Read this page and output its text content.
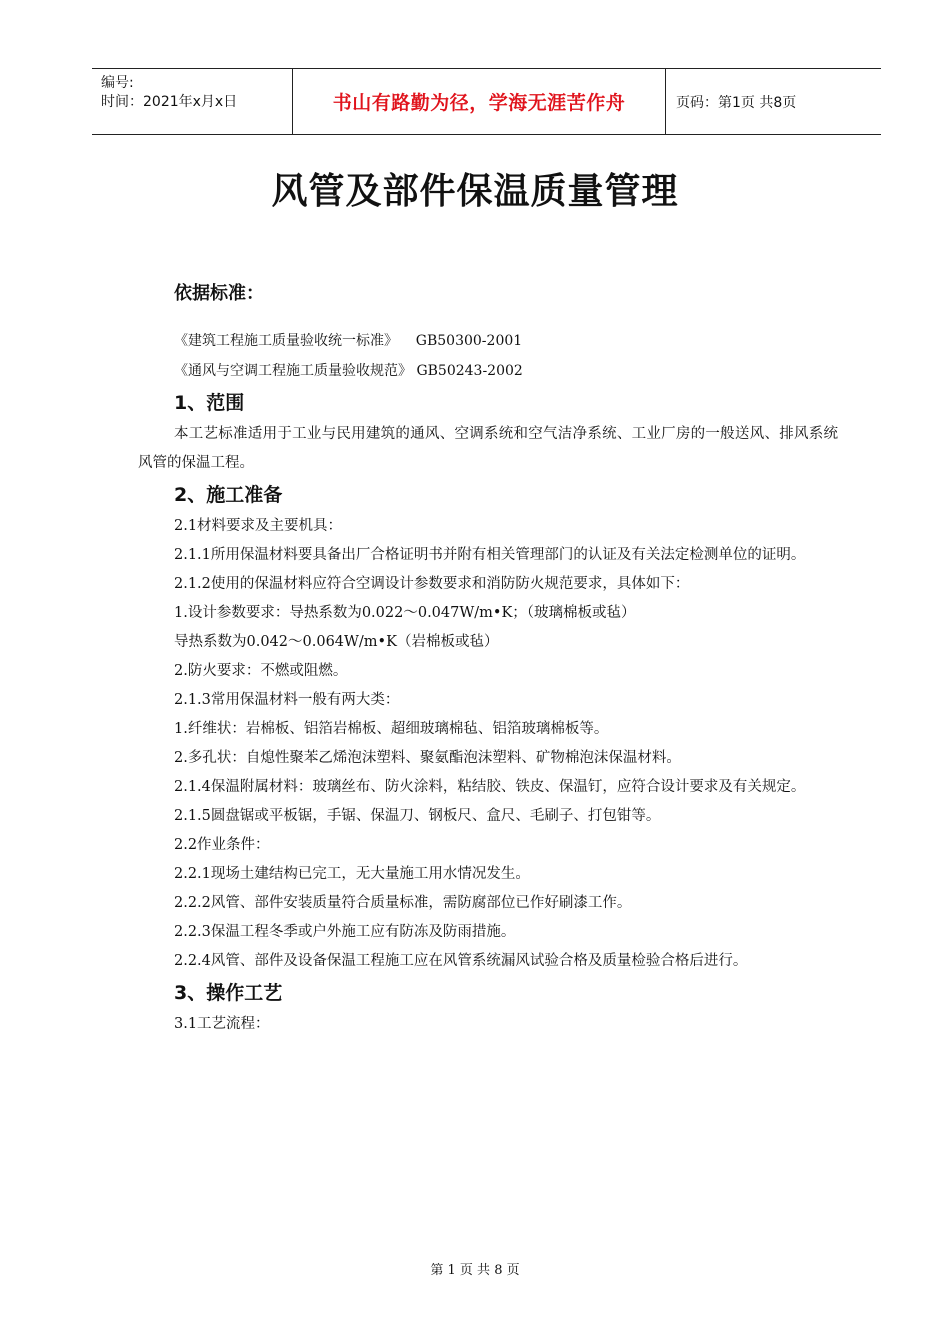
编号:
时间：2021年x月x日	书山有路勤为径，学海无涯苦作舟	页码：第1页 共8页
风管及部件保温质量管理
依据标准：
《建筑工程施工质量验收统一标准》    GB50300-2001
《通风与空调工程施工质量验收规范》 GB50243-2002
1、范围

本工艺标准适用于工业与民用建筑的通风、空调系统和空气洁净系统、工业厂房的一般送风、排风系统风管的保温工程。

2、施工准备

2.1材料要求及主要机具：

2.1.1所用保温材料要具备出厂合格证明书并附有相关管理部门的认证及有关法定检测单位的证明。

2.1.2使用的保温材料应符合空调设计参数要求和消防防火规范要求，具体如下：

1.设计参数要求：导热系数为0.022～0.047W/m•K；（玻璃棉板或毡）

导热系数为0.042～0.064W/m•K（岩棉板或毡）

2.防火要求：不燃或阻燃。

2.1.3常用保温材料一般有两大类：

1.纤维状：岩棉板、铝箔岩棉板、超细玻璃棉毡、铝箔玻璃棉板等。

2.多孔状：自熄性聚苯乙烯泡沫塑料、聚氨酯泡沫塑料、矿物棉泡沫保温材料。

2.1.4保温附属材料：玻璃丝布、防火涂料，粘结胶、铁皮、保温钉，应符合设计要求及有关规定。

2.1.5圆盘锯或平板锯，手锯、保温刀、钢板尺、盒尺、毛刷子、打包钳等。

2.2作业条件：

2.2.1现场土建结构已完工，无大量施工用水情况发生。

2.2.2风管、部件安装质量符合质量标准，需防腐部位已作好刷漆工作。

2.2.3保温工程冬季或户外施工应有防冻及防雨措施。

2.2.4风管、部件及设备保温工程施工应在风管系统漏风试验合格及质量检验合格后进行。

3、操作工艺

3.1工艺流程：

第 1 页 共 8 页
